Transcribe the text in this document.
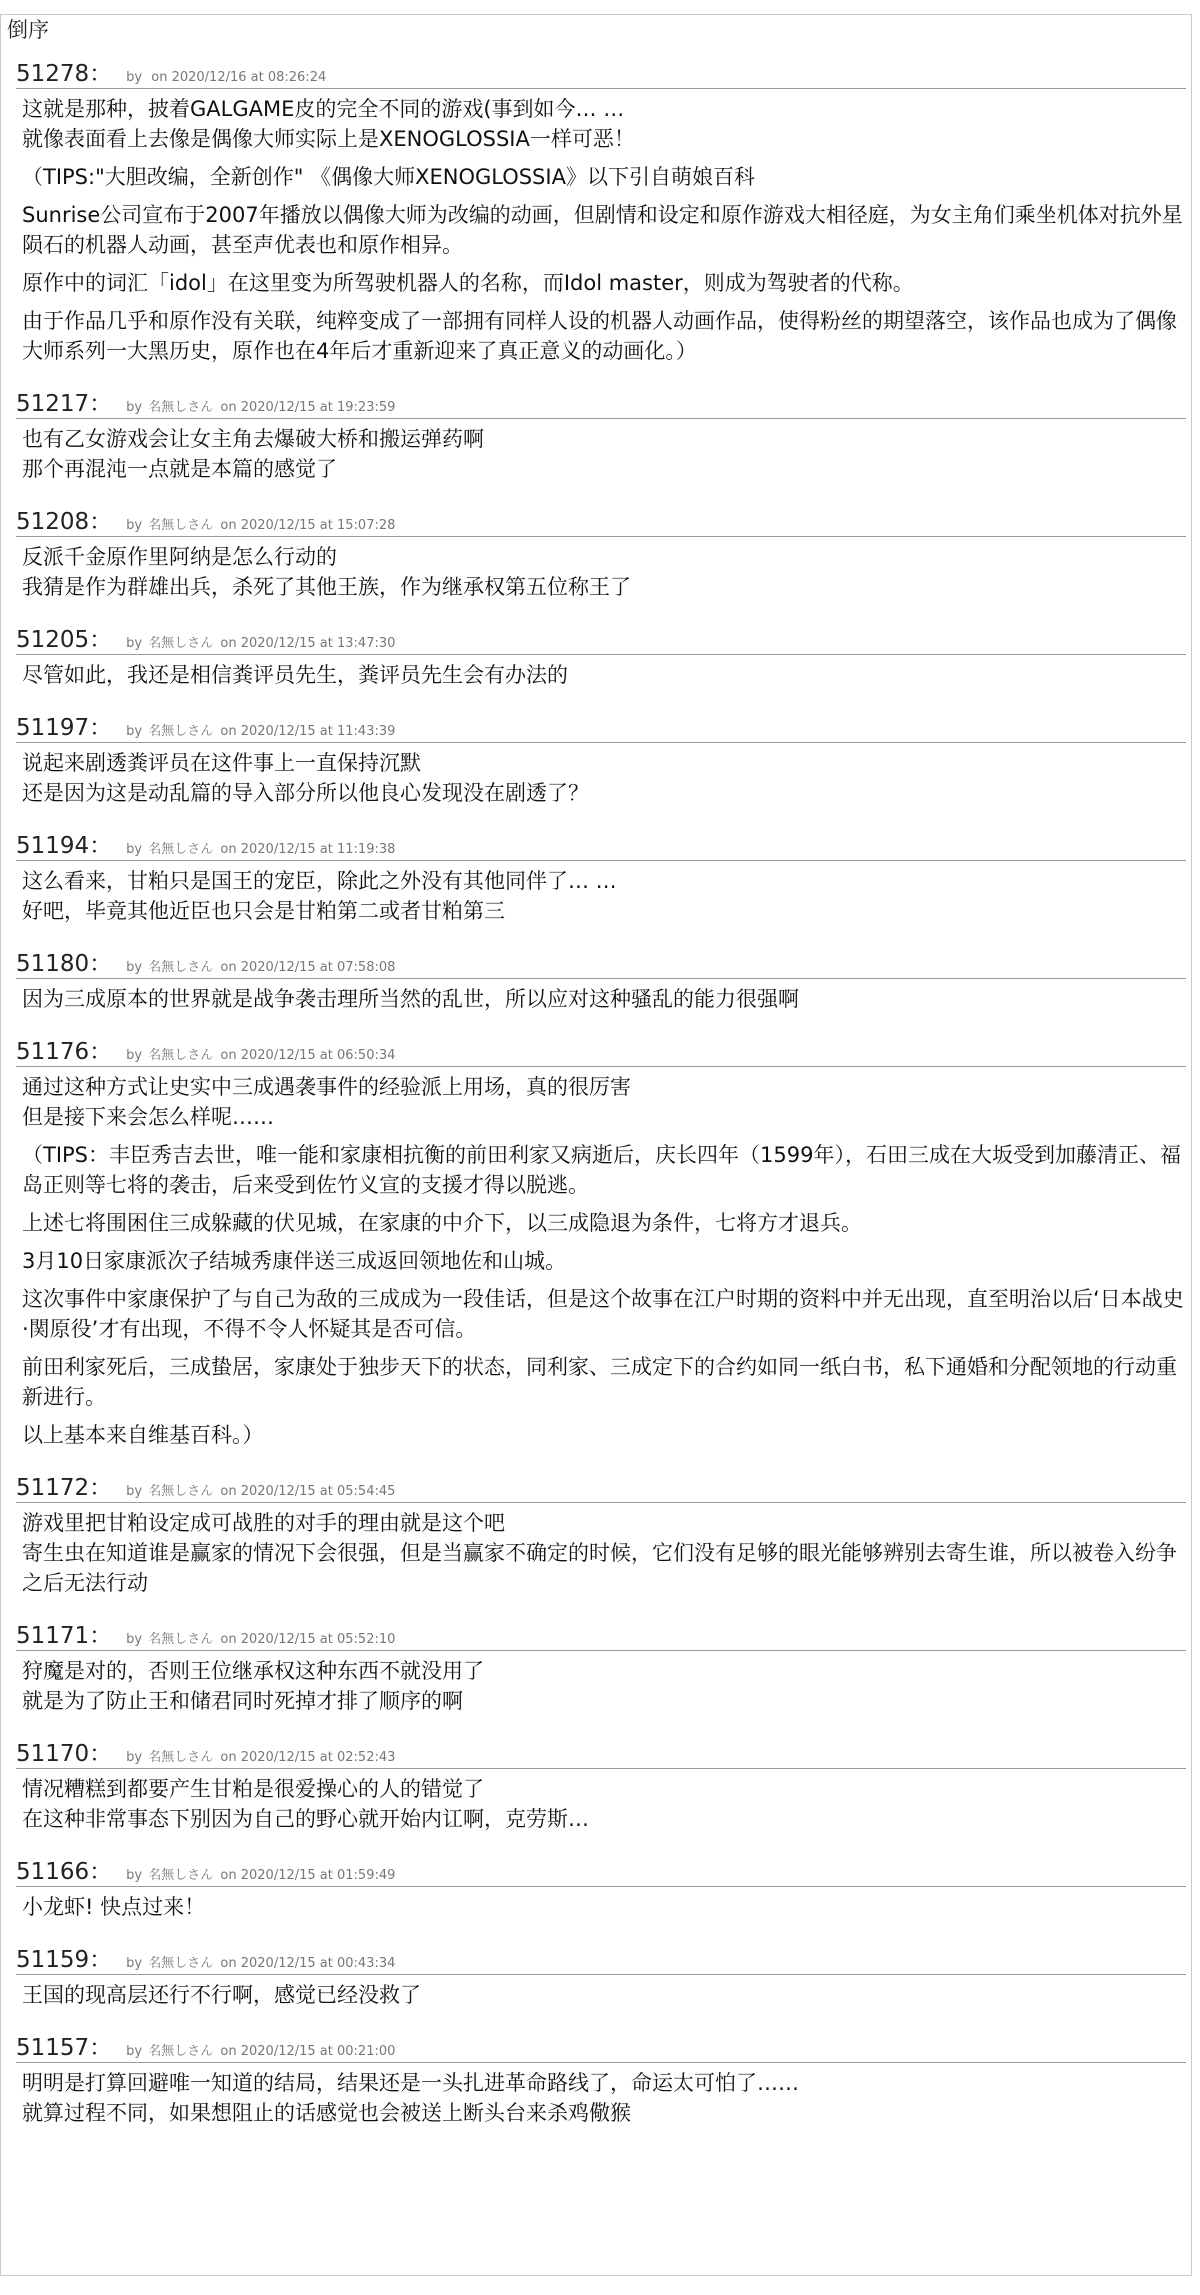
倒序
51278 ： by on 2020/12/16 at 08:26:24
这就是那种，披着GALGAME皮的完全不同的游戏(事到如今… …
就像表面看上去像是偶像大师实际上是XENOGLOSSIA一样可恶！
（TIPS:"大胆改编，全新创作" 《偶像大师XENOGLOSSIA》以下引自萌娘百科
Sunrise公司宣布于2007年播放以偶像大师为改编的动画，但剧情和设定和原作游戏大相径庭，为女主角们乘坐机体对抗外星陨石的机器人动画，甚至声优表也和原作相异。
原作中的词汇「idol」在这里变为所驾驶机器人的名称，而Idol master，则成为驾驶者的代称。
由于作品几乎和原作没有关联，纯粹变成了一部拥有同样人设的机器人动画作品，使得粉丝的期望落空，该作品也成为了偶像大师系列一大黑历史，原作也在4年后才重新迎来了真正意义的动画化。）
51217 ： by 名無しさん on 2020/12/15 at 19:23:59
也有乙女游戏会让女主角去爆破大桥和搬运弹药啊
那个再混沌一点就是本篇的感觉了
51208 ： by 名無しさん on 2020/12/15 at 15:07:28
反派千金原作里阿纳是怎么行动的
我猜是作为群雄出兵，杀死了其他王族，作为继承权第五位称王了
51205 ： by 名無しさん on 2020/12/15 at 13:47:30
尽管如此，我还是相信粪评员先生，粪评员先生会有办法的
51197 ： by 名無しさん on 2020/12/15 at 11:43:39
说起来剧透粪评员在这件事上一直保持沉默
还是因为这是动乱篇的导入部分所以他良心发现没在剧透了？
51194 ： by 名無しさん on 2020/12/15 at 11:19:38
这么看来，甘粕只是国王的宠臣，除此之外没有其他同伴了… …
好吧，毕竟其他近臣也只会是甘粕第二或者甘粕第三
51180 ： by 名無しさん on 2020/12/15 at 07:58:08
因为三成原本的世界就是战争袭击理所当然的乱世，所以应对这种骚乱的能力很强啊
51176 ： by 名無しさん on 2020/12/15 at 06:50:34
通过这种方式让史实中三成遇袭事件的经验派上用场，真的很厉害
但是接下来会怎么样呢……
（TIPS：丰臣秀吉去世，唯一能和家康相抗衡的前田利家又病逝后，庆长四年（1599年），石田三成在大坂受到加藤清正、福岛正则等七将的袭击，后来受到佐竹义宣的支援才得以脱逃。
上述七将围困住三成躲藏的伏见城，在家康的中介下，以三成隐退为条件，七将方才退兵。
3月10日家康派次子结城秀康伴送三成返回领地佐和山城。
这次事件中家康保护了与自己为敌的三成成为一段佳话，但是这个故事在江户时期的资料中并无出现，直至明治以后‘日本战史·関原役’才有出现，不得不令人怀疑其是否可信。
前田利家死后，三成蛰居，家康处于独步天下的状态，同利家、三成定下的合约如同一纸白书，私下通婚和分配领地的行动重新进行。
以上基本来自维基百科。）
51172 ： by 名無しさん on 2020/12/15 at 05:54:45
游戏里把甘粕设定成可战胜的对手的理由就是这个吧
寄生虫在知道谁是赢家的情况下会很强，但是当赢家不确定的时候，它们没有足够的眼光能够辨别去寄生谁，所以被卷入纷争之后无法行动
51171 ： by 名無しさん on 2020/12/15 at 05:52:10
狩魔是对的，否则王位继承权这种东西不就没用了
就是为了防止王和储君同时死掉才排了顺序的啊
51170 ： by 名無しさん on 2020/12/15 at 02:52:43
情况糟糕到都要产生甘粕是很爱操心的人的错觉了
在这种非常事态下别因为自己的野心就开始内讧啊，克劳斯…
51166 ： by 名無しさん on 2020/12/15 at 01:59:49
小龙虾! 快点过来！
51159 ： by 名無しさん on 2020/12/15 at 00:43:34
王国的现高层还行不行啊，感觉已经没救了
51157 ： by 名無しさん on 2020/12/15 at 00:21:00
明明是打算回避唯一知道的结局，结果还是一头扎进革命路线了，命运太可怕了……
就算过程不同，如果想阻止的话感觉也会被送上断头台来杀鸡儆猴
